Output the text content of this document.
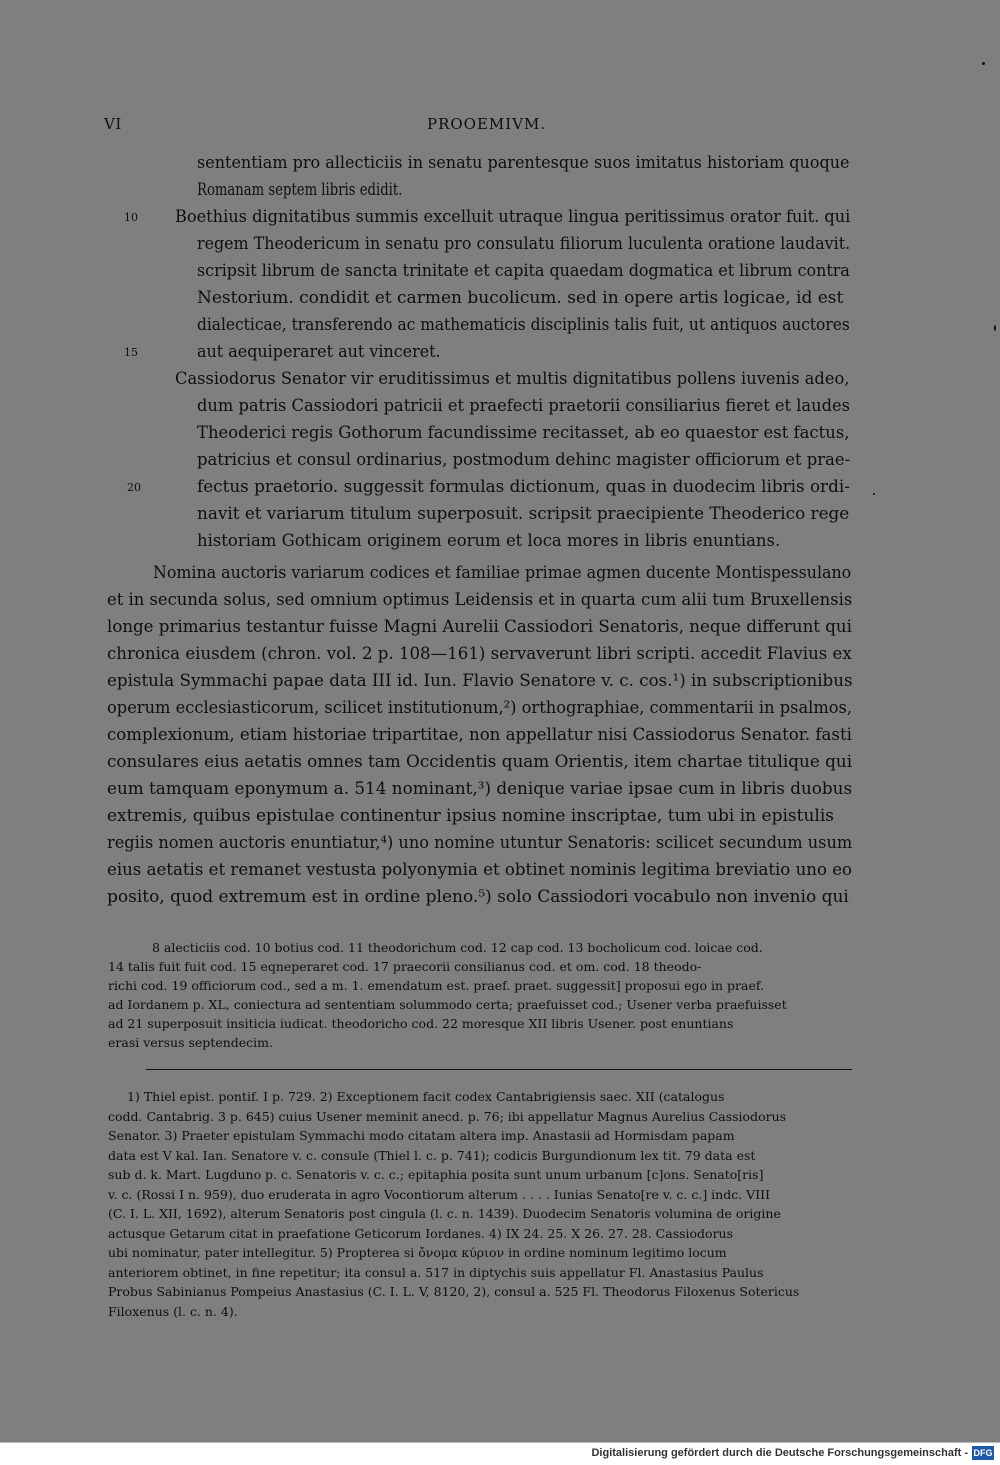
VI	PROOEMIVM.
sententiam pro allecticiis in senatu parentesque suos imitatus historiam quoque
Romanam septem libris edidit.
Boethius dignitatibus summis excelluit utraque lingua peritissimus orator fuit. qui
10
regem Theodericum in senatu pro consulatu filiorum luculenta oratione laudavit.
scripsit librum de sancta trinitate et capita quaedam dogmatica et librum contra
Nestorium. condidit et carmen bucolicum. sed in opere artis logicae, id est
dialecticae, transferendo ac mathematicis disciplinis talis fuit, ut antiquos auctores
aut aequiperaret aut vinceret.
15
Cassiodorus Senator vir eruditissimus et multis dignitatibus pollens iuvenis adeo,
dum patris Cassiodori patricii et praefecti praetorii consiliarius fieret et laudes
Theoderici regis Gothorum facundissime recitasset, ab eo quaestor est factus,
patricius et consul ordinarius, postmodum dehinc magister officiorum et prae-
fectus praetorio. suggessit formulas dictionum, quas in duodecim libris ordi-
20
navit et variarum titulum superposuit. scripsit praecipiente Theoderico rege
historiam Gothicam originem eorum et loca mores in libris enuntians.
Nomina auctoris variarum codices et familiae primae agmen ducente Montispessulano
et in secunda solus, sed omnium optimus Leidensis et in quarta cum alii tum Bruxellensis
longe primarius testantur fuisse Magni Aurelii Cassiodori Senatoris, neque differunt qui
chronica eiusdem (chron. vol. 2 p. 108—161) servaverunt libri scripti. accedit Flavius ex
epistula Symmachi papae data III id. Iun. Flavio Senatore v. c. cos.¹) in subscriptionibus
operum ecclesiasticorum, scilicet institutionum,²) orthographiae, commentarii in psalmos,
complexionum, etiam historiae tripartitae, non appellatur nisi Cassiodorus Senator. fasti
consulares eius aetatis omnes tam Occidentis quam Orientis, item chartae titulique qui
eum tamquam eponymum a. 514 nominant,³) denique variae ipsae cum in libris duobus
extremis, quibus epistulae continentur ipsius nomine inscriptae, tum ubi in epistulis
regiis nomen auctoris enuntiatur,⁴) uno nomine utuntur Senatoris: scilicet secundum usum
eius aetatis et remanet vestusta polyonymia et obtinet nominis legitima breviatio uno eo
posito, quod extremum est in ordine pleno.⁵) solo Cassiodori vocabulo non invenio qui
8 alecticiis cod. 10 botius cod. 11 theodorichum cod. 12 cap cod. 13 bocholicum cod. loicae cod.
14 talis fuit fuit cod. 15 eqneperaret cod. 17 praecorii consilianus cod. et om. cod. 18 theodo-
richi cod. 19 officiorum cod., sed a m. 1. emendatum est. praef. praet. suggessit] proposui ego in praef.
ad Iordanem p. XL, coniectura ad sententiam solummodo certa; praefuisset cod.; Usener verba praefuisset
ad 21 superposuit insiticia iudicat. theodoricho cod. 22 moresque XII libris Usener. post enuntians
erasi versus septendecim.
1) Thiel epist. pontif. I p. 729. 2) Exceptionem facit codex Cantabrigiensis saec. XII (catalogus
codd. Cantabrig. 3 p. 645) cuius Usener meminit anecd. p. 76; ibi appellatur Magnus Aurelius Cassiodorus
Senator. 3) Praeter epistulam Symmachi modo citatam altera imp. Anastasii ad Hormisdam papam
data est V kal. Ian. Senatore v. c. consule (Thiel l. c. p. 741); codicis Burgundionum lex tit. 79 data est
sub d. k. Mart. Lugduno p. c. Senatoris v. c. c.; epitaphia posita sunt unum urbanum [c]ons. Senato[ris]
v. c. (Rossi I n. 959), duo eruderata in agro Vocontiorum alterum . . . . Iunias Senato[re v. c. c.] indc. VIII
(C. I. L. XII, 1692), alterum Senatoris post cingula (l. c. n. 1439). Duodecim Senatoris volumina de origine
actusque Getarum citat in praefatione Geticorum Iordanes. 4) IX 24. 25. X 26. 27. 28. Cassiodorus
ubi nominatur, pater intellegitur. 5) Propterea si ὄνομα κύριον in ordine nominum legitimo locum
anteriorem obtinet, in fine repetitur; ita consul a. 517 in diptychis suis appellatur Fl. Anastasius Paulus
Probus Sabinianus Pompeius Anastasius (C. I. L. V, 8120, 2), consul a. 525 Fl. Theodorus Filoxenus Sotericus
Filoxenus (l. c. n. 4).
Digitalisierung gefördert durch die Deutsche Forschungsgemeinschaft - DFG
